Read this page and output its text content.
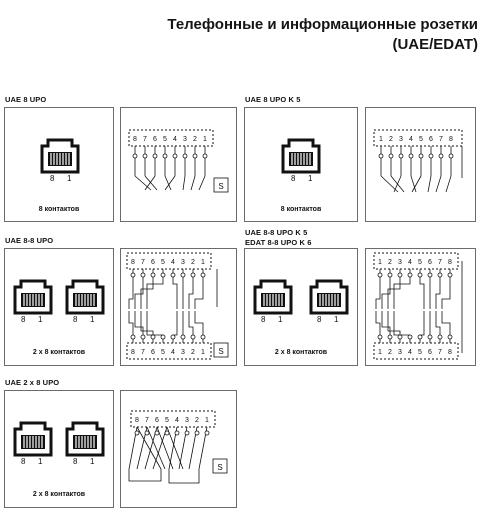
Телефонные и информационные розетки
(UAE/EDAT)
UAE 8 UPO	UAE 8 UPO K 5
UAE 8-8 UPO
UAE 8-8 UPO K 5
EDAT 8-8 UPO K 6
UAE 2 x 8 UPO
8 1
8 контактов
8 7 6 5 4 3 2 1
S
8 1
8 контактов
1 2 3 4 5 6 7 8
8 1	8 1
2 x 8 контактов
8 7 6 5 4 3 2 1
8 7 6 5 4 3 2 1 S
8 1	8 1
2 x 8 контактов
1 2 3 4 5 6 7 8
1 2 3 4 5 6 7 8
8 1	8 1
2 x 8 контактов
8 7 6 5 4 3 2 1
S
